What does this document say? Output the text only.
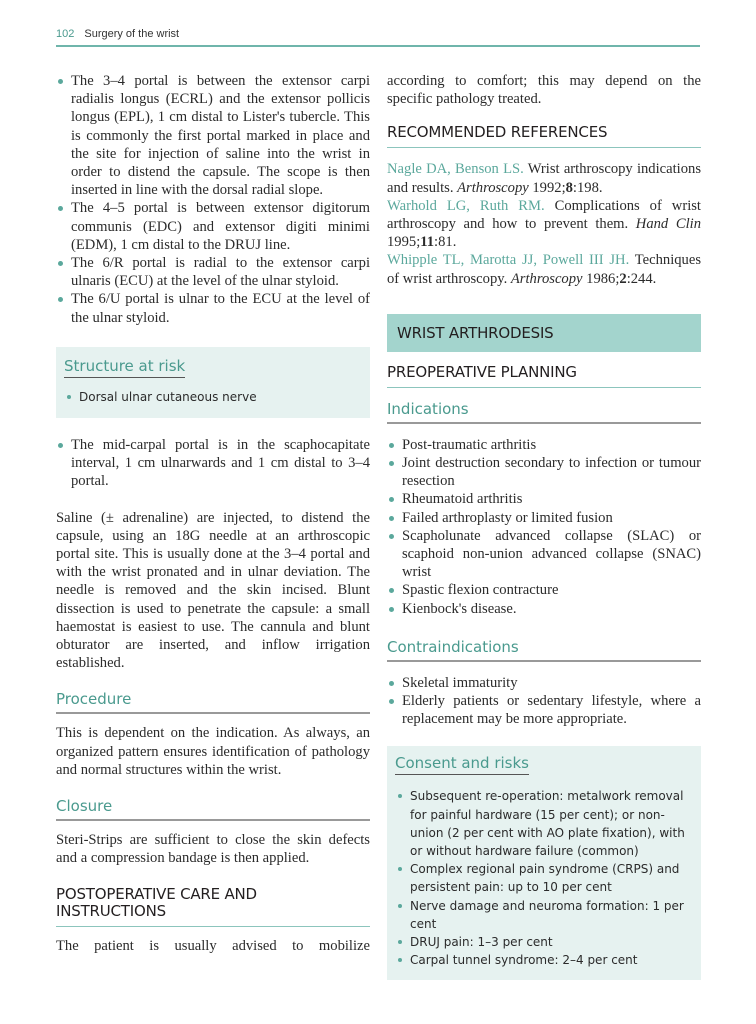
102 Surgery of the wrist
The 3–4 portal is between the extensor carpi radialis longus (ECRL) and the extensor pollicis longus (EPL), 1 cm distal to Lister's tubercle. This is commonly the first portal marked in place and the site for injection of saline into the wrist in order to distend the capsule. The scope is then inserted in line with the dorsal radial slope.
The 4–5 portal is between extensor digitorum communis (EDC) and extensor digiti minimi (EDM), 1 cm distal to the DRUJ line.
The 6/R portal is radial to the extensor carpi ulnaris (ECU) at the level of the ulnar styloid.
The 6/U portal is ulnar to the ECU at the level of the ulnar styloid.
Structure at risk
Dorsal ulnar cutaneous nerve
The mid-carpal portal is in the scaphocapitate interval, 1 cm ulnarwards and 1 cm distal to 3–4 portal.

Saline (± adrenaline) are injected, to distend the capsule, using an 18G needle at an arthroscopic portal site. This is usually done at the 3–4 portal and with the wrist pronated and in ulnar deviation. The needle is removed and the skin incised. Blunt dissection is used to penetrate the capsule: a small haemostat is easiest to use. The cannula and blunt obturator are inserted, and inflow irrigation established.

Procedure

This is dependent on the indication. As always, an organized pattern ensures identification of pathology and normal structures within the wrist.

Closure

Steri-Strips are sufficient to close the skin defects and a compression bandage is then applied.

POSTOPERATIVE CARE AND
INSTRUCTIONS

The patient is usually advised to mobilize

according to comfort; this may depend on the specific pathology treated.

RECOMMENDED REFERENCES

Nagle DA, Benson LS. Wrist arthroscopy indications and results. Arthroscopy 1992;8:198.

Warhold LG, Ruth RM. Complications of wrist arthroscopy and how to prevent them. Hand Clin 1995;11:81.

Whipple TL, Marotta JJ, Powell III JH. Techniques of wrist arthroscopy. Arthroscopy 1986;2:244.

WRIST ARTHRODESIS
PREOPERATIVE PLANNING
Indications
Post-traumatic arthritis
Joint destruction secondary to infection or tumour resection
Rheumatoid arthritis
Failed arthroplasty or limited fusion
Scapholunate advanced collapse (SLAC) or scaphoid non-union advanced collapse (SNAC) wrist
Spastic flexion contracture
Kienbock's disease.
Contraindications
Skeletal immaturity
Elderly patients or sedentary lifestyle, where a replacement may be more appropriate.
Consent and risks
Subsequent re-operation: metalwork removal for painful hardware (15 per cent); or non-union (2 per cent with AO plate fixation), with or without hardware failure (common)
Complex regional pain syndrome (CRPS) and persistent pain: up to 10 per cent
Nerve damage and neuroma formation: 1 per cent
DRUJ pain: 1–3 per cent
Carpal tunnel syndrome: 2–4 per cent
